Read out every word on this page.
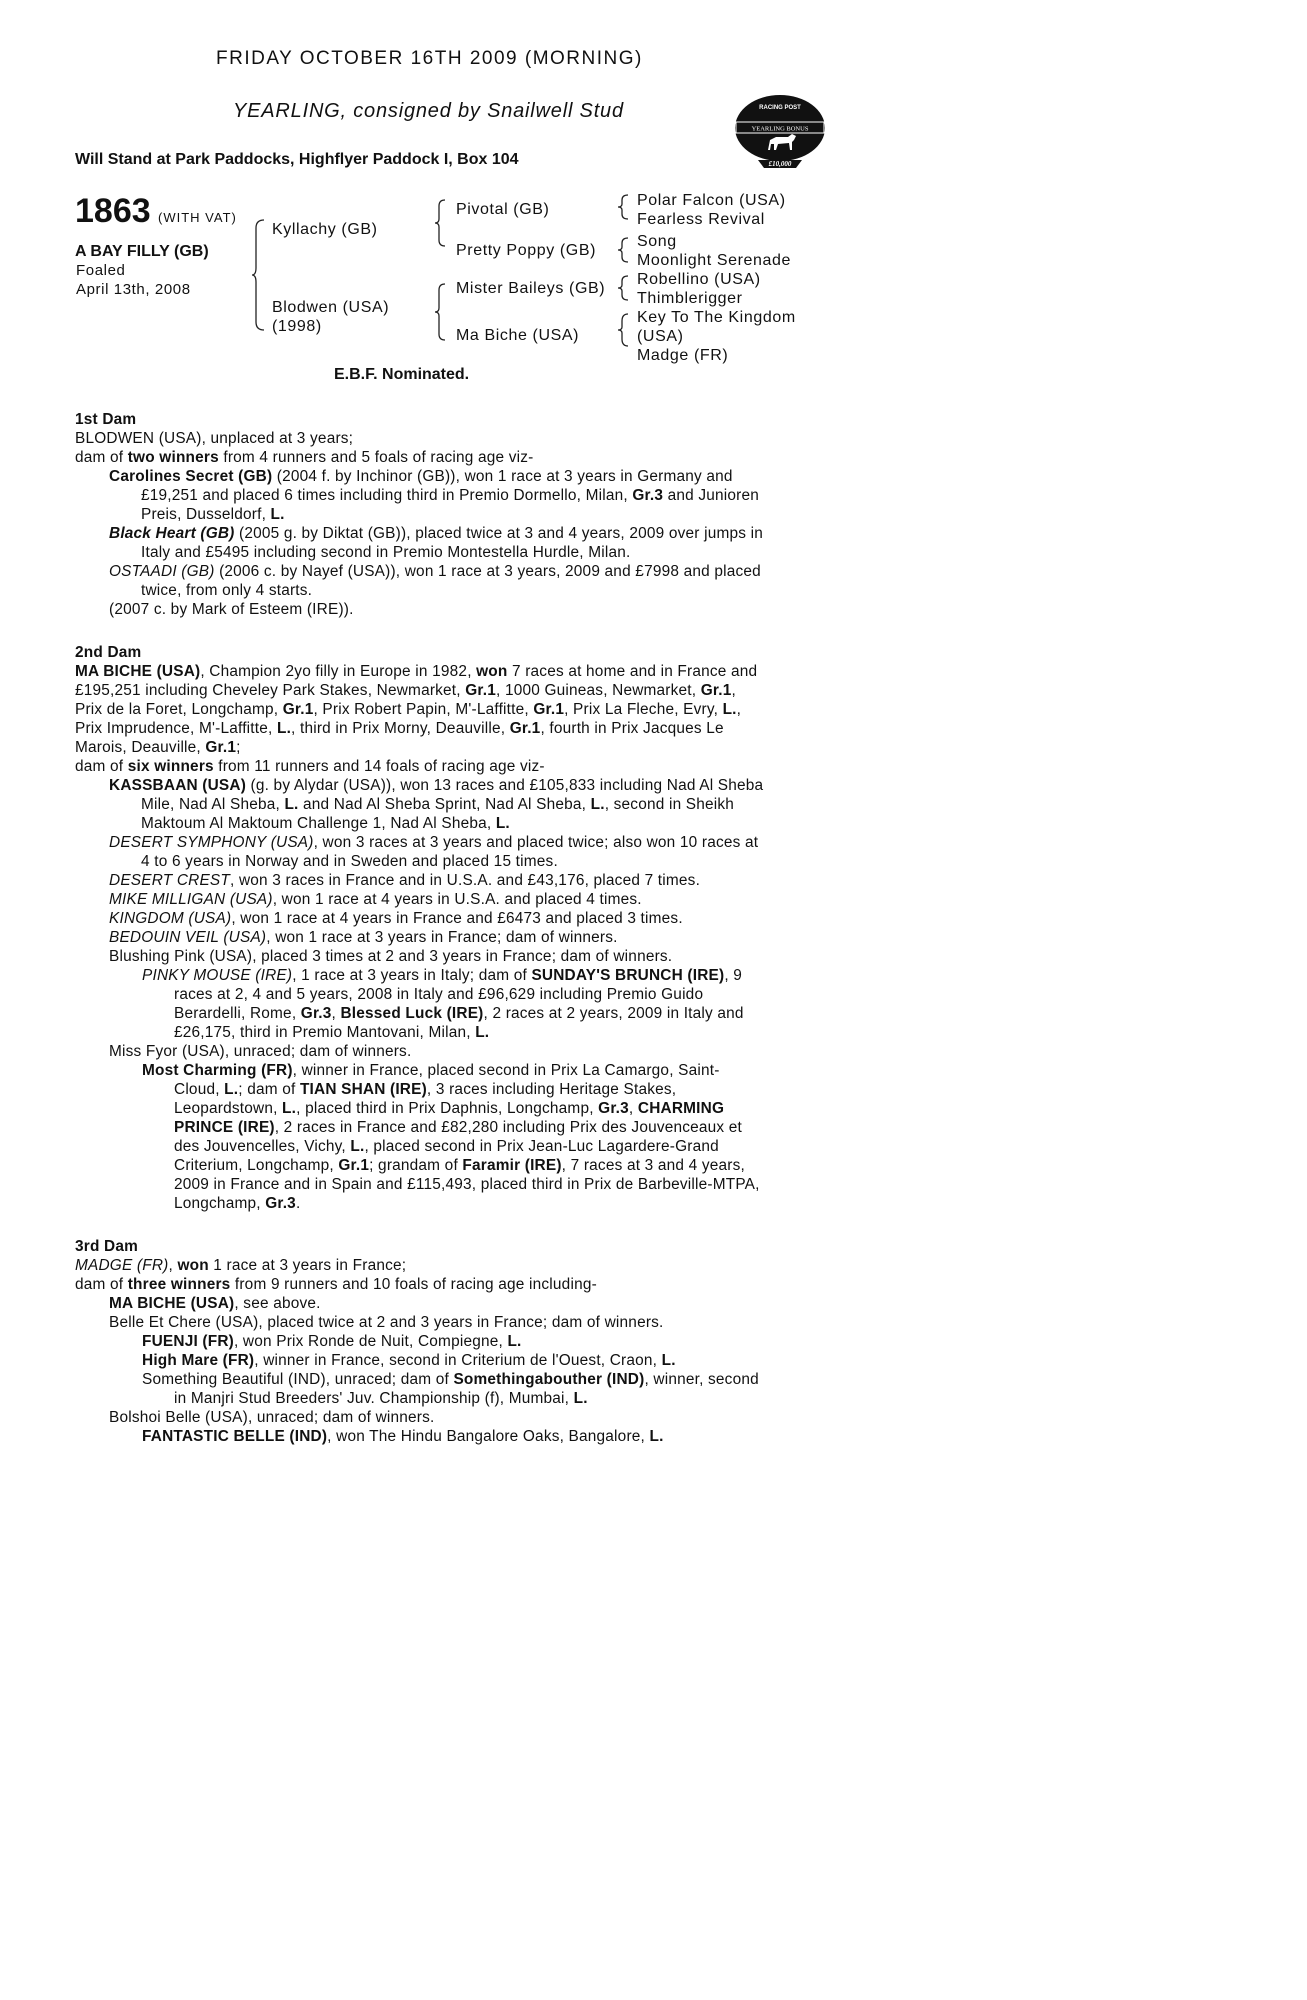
FRIDAY OCTOBER 16TH 2009 (MORNING)
YEARLING, consigned by Snailwell Stud
Will Stand at Park Paddocks, Highflyer Paddock I, Box 104
RACING POST
YEARLING BONUS
£10,000
1863 (WITH VAT)
A BAY FILLY (GB)
Foaled
April 13th, 2008
Kyllachy (GB)
Blodwen (USA)
(1998)
Pivotal (GB)
Pretty Poppy (GB)
Mister Baileys (GB)
Ma Biche (USA)
Polar Falcon (USA)
Fearless Revival
Song
Moonlight Serenade
Robellino (USA)
Thimblerigger
Key To The Kingdom
(USA)
Madge (FR)
E.B.F. Nominated.
1st Dam

BLODWEN (USA), unplaced at 3 years;

dam of two winners from 4 runners and 5 foals of racing age viz-

Carolines Secret (GB) (2004 f. by Inchinor (GB)), won 1 race at 3 years in Germany and £19,251 and placed 6 times including third in Premio Dormello, Milan, Gr.3 and Junioren Preis, Dusseldorf, L.

Black Heart (GB) (2005 g. by Diktat (GB)), placed twice at 3 and 4 years, 2009 over jumps in Italy and £5495 including second in Premio Montestella Hurdle, Milan.

OSTAADI (GB) (2006 c. by Nayef (USA)), won 1 race at 3 years, 2009 and £7998 and placed twice, from only 4 starts.

(2007 c. by Mark of Esteem (IRE)).

2nd Dam

MA BICHE (USA), Champion 2yo filly in Europe in 1982, won 7 races at home and in France and £195,251 including Cheveley Park Stakes, Newmarket, Gr.1, 1000 Guineas, Newmarket, Gr.1, Prix de la Foret, Longchamp, Gr.1, Prix Robert Papin, M'-Laffitte, Gr.1, Prix La Fleche, Evry, L., Prix Imprudence, M'-Laffitte, L., third in Prix Morny, Deauville, Gr.1, fourth in Prix Jacques Le Marois, Deauville, Gr.1;

dam of six winners from 11 runners and 14 foals of racing age viz-

KASSBAAN (USA) (g. by Alydar (USA)), won 13 races and £105,833 including Nad Al Sheba Mile, Nad Al Sheba, L. and Nad Al Sheba Sprint, Nad Al Sheba, L., second in Sheikh Maktoum Al Maktoum Challenge 1, Nad Al Sheba, L.

DESERT SYMPHONY (USA), won 3 races at 3 years and placed twice; also won 10 races at 4 to 6 years in Norway and in Sweden and placed 15 times.

DESERT CREST, won 3 races in France and in U.S.A. and £43,176, placed 7 times.

MIKE MILLIGAN (USA), won 1 race at 4 years in U.S.A. and placed 4 times.

KINGDOM (USA), won 1 race at 4 years in France and £6473 and placed 3 times.

BEDOUIN VEIL (USA), won 1 race at 3 years in France; dam of winners.

Blushing Pink (USA), placed 3 times at 2 and 3 years in France; dam of winners.

PINKY MOUSE (IRE), 1 race at 3 years in Italy; dam of SUNDAY'S BRUNCH (IRE), 9 races at 2, 4 and 5 years, 2008 in Italy and £96,629 including Premio Guido Berardelli, Rome, Gr.3, Blessed Luck (IRE), 2 races at 2 years, 2009 in Italy and £26,175, third in Premio Mantovani, Milan, L.

Miss Fyor (USA), unraced; dam of winners.

Most Charming (FR), winner in France, placed second in Prix La Camargo, Saint-Cloud, L.; dam of TIAN SHAN (IRE), 3 races including Heritage Stakes, Leopardstown, L., placed third in Prix Daphnis, Longchamp, Gr.3, CHARMING PRINCE (IRE), 2 races in France and £82,280 including Prix des Jouvenceaux et des Jouvencelles, Vichy, L., placed second in Prix Jean-Luc Lagardere-Grand Criterium, Longchamp, Gr.1; grandam of Faramir (IRE), 7 races at 3 and 4 years, 2009 in France and in Spain and £115,493, placed third in Prix de Barbeville-MTPA, Longchamp, Gr.3.

3rd Dam

MADGE (FR), won 1 race at 3 years in France;

dam of three winners from 9 runners and 10 foals of racing age including-

MA BICHE (USA), see above.

Belle Et Chere (USA), placed twice at 2 and 3 years in France; dam of winners.

FUENJI (FR), won Prix Ronde de Nuit, Compiegne, L.

High Mare (FR), winner in France, second in Criterium de l'Ouest, Craon, L.

Something Beautiful (IND), unraced; dam of Somethingabouther (IND), winner, second in Manjri Stud Breeders' Juv. Championship (f), Mumbai, L.

Bolshoi Belle (USA), unraced; dam of winners.

FANTASTIC BELLE (IND), won The Hindu Bangalore Oaks, Bangalore, L.
